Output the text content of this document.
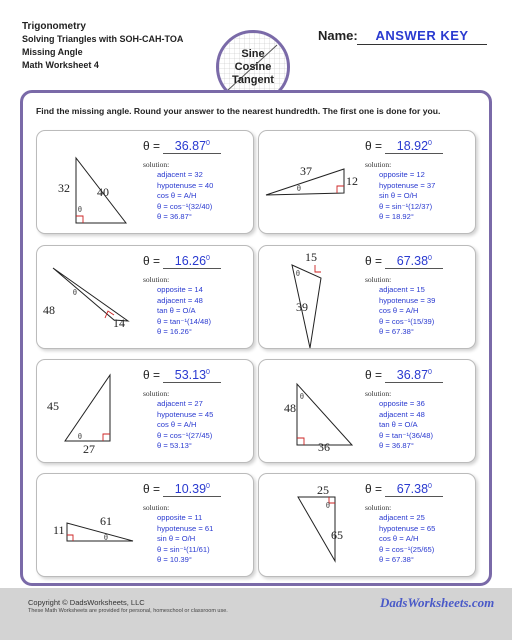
Trigonometry
Solving Triangles with SOH-CAH-TOA
Missing Angle
Math Worksheet 4
Sine
Cosine
Tangent
Name:	ANSWER KEY
Find the missing angle. Round your answer to the nearest hundredth. The first one is done for you.
$\theta = 36.87^0$
solution:
adjacent = 32
hypotenuse = 40
cos θ = A/H
θ = cos⁻¹(32/40)
θ = 36.87°
θ
32 40
$\theta = 18.92^0$
solution:
opposite = 12
hypotenuse = 37
sin θ = O/H
θ = sin⁻¹(12/37)
θ = 18.92°
θ
37
12
$\theta = 16.26^0$
solution:
opposite = 14
adjacent = 48
tan θ = O/A
θ = tan⁻¹(14/48)
θ = 16.26°
θ
48
14
$\theta = 67.38^0$
solution:
adjacent = 15
hypotenuse = 39
cos θ = A/H
θ = cos⁻¹(15/39)
θ = 67.38°
θ
15
39
$\theta = 53.13^0$
solution:
adjacent = 27
hypotenuse = 45
cos θ = A/H
θ = cos⁻¹(27/45)
θ = 53.13°
θ
45
27
$\theta = 36.87^0$
solution:
opposite = 36
adjacent = 48
tan θ = O/A
θ = tan⁻¹(36/48)
θ = 36.87°
θ
48
36
$\theta = 10.39^0$
solution:
opposite = 11
hypotenuse = 61
sin θ = O/H
θ = sin⁻¹(11/61)
θ = 10.39°
θ
11
61
$\theta = 67.38^0$
solution:
adjacent = 25
hypotenuse = 65
cos θ = A/H
θ = cos⁻¹(25/65)
θ = 67.38°
θ
25
65
Copyright © DadsWorksheets, LLC
These Math Worksheets are provided for personal, homeschool or classroom use.
DadsWorksheets.com
